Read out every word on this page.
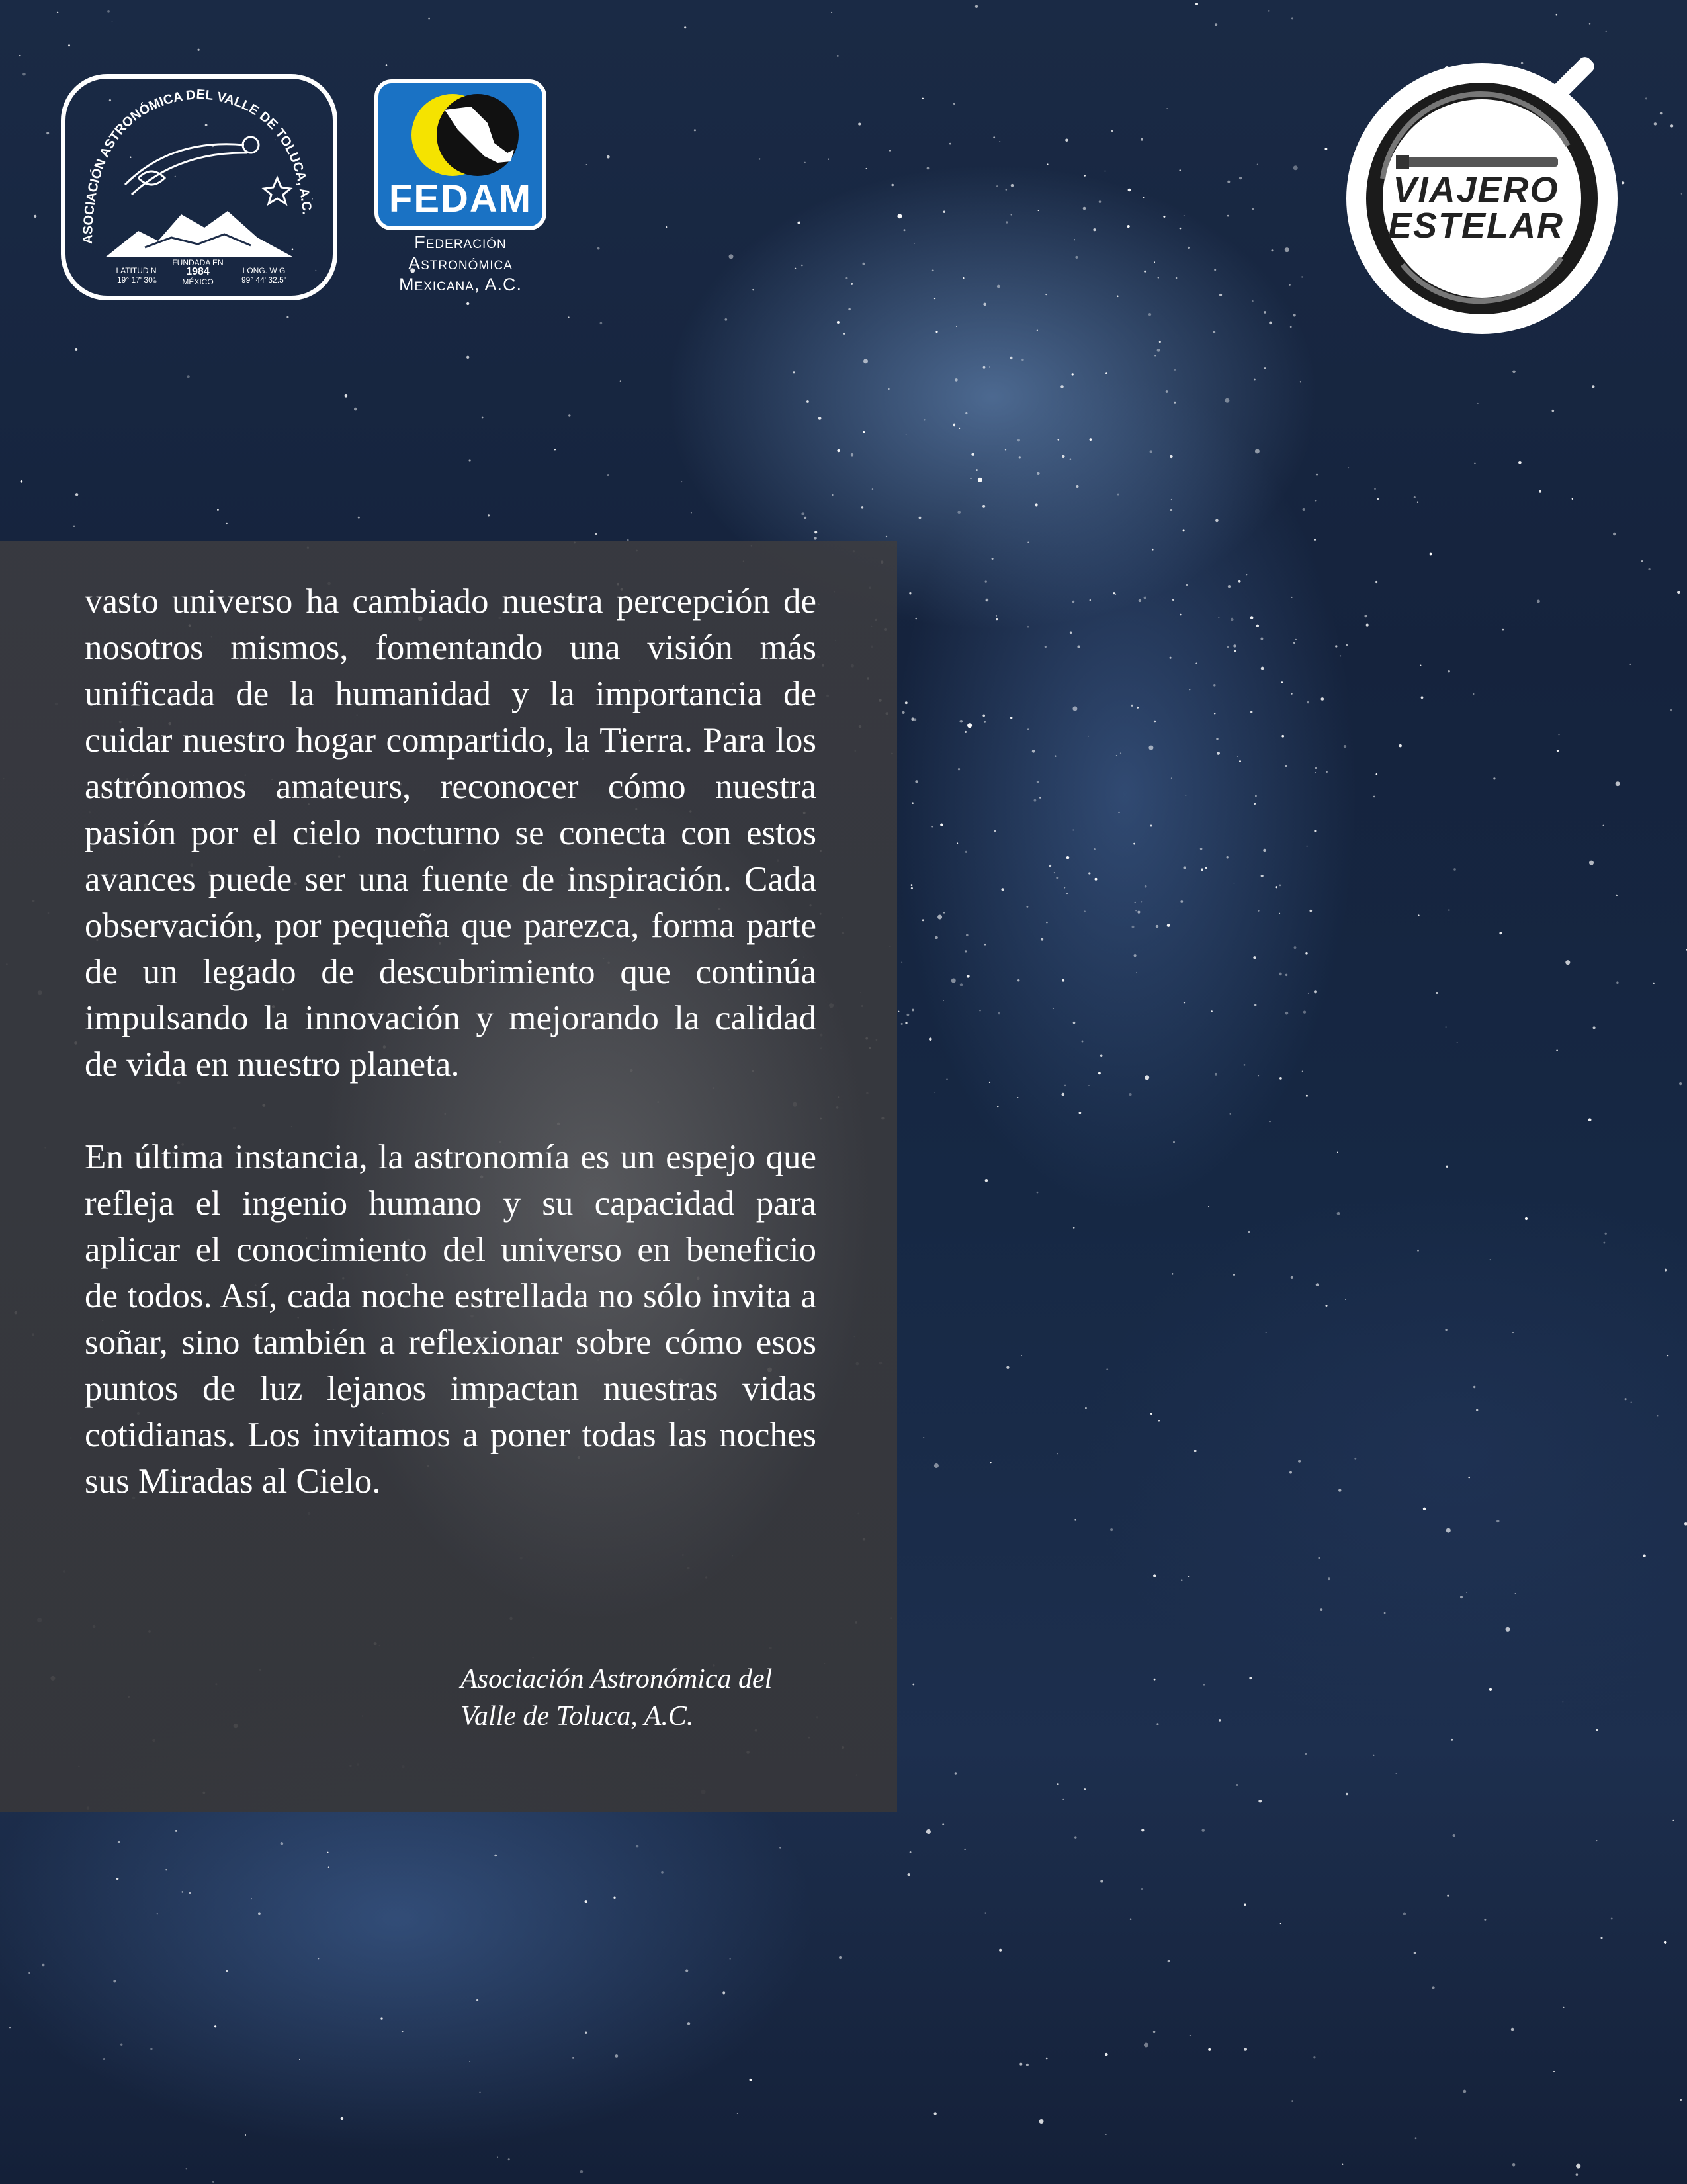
ASOCIACIÓN ASTRONÓMICA DEL VALLE DE TOLUCA, A.C.
FUNDADA EN
1984
MÉXICO
LATITUD N
19° 17' 30"
LONG. W G
99° 44' 32.5"
FEDAM
Federación
Astronómica
Mexicana, A.C.
VIAJERO
ESTELAR

vasto universo ha cambiado nuestra percepción de nosotros mismos, fomentando una visión más unificada de la humanidad y la importancia de cuidar nuestro hogar compartido, la Tierra. Para los astrónomos amateurs, reconocer cómo nuestra pasión por el cielo nocturno se conecta con estos avances puede ser una fuente de inspiración. Cada observación, por pequeña que parezca, forma parte de un legado de descubrimiento que continúa impulsando la innovación y mejorando la calidad de vida en nuestro planeta.

En última instancia, la astronomía es un espejo que refleja el ingenio humano y su capacidad para aplicar el conocimiento del universo en beneficio de todos. Así, cada noche estrellada no sólo invita a soñar, sino también a reflexionar sobre cómo esos puntos de luz lejanos impactan nuestras vidas cotidianas. Los invitamos a poner todas las noches sus Miradas al Cielo.

Asociación Astronómica del
Valle de Toluca, A.C.
